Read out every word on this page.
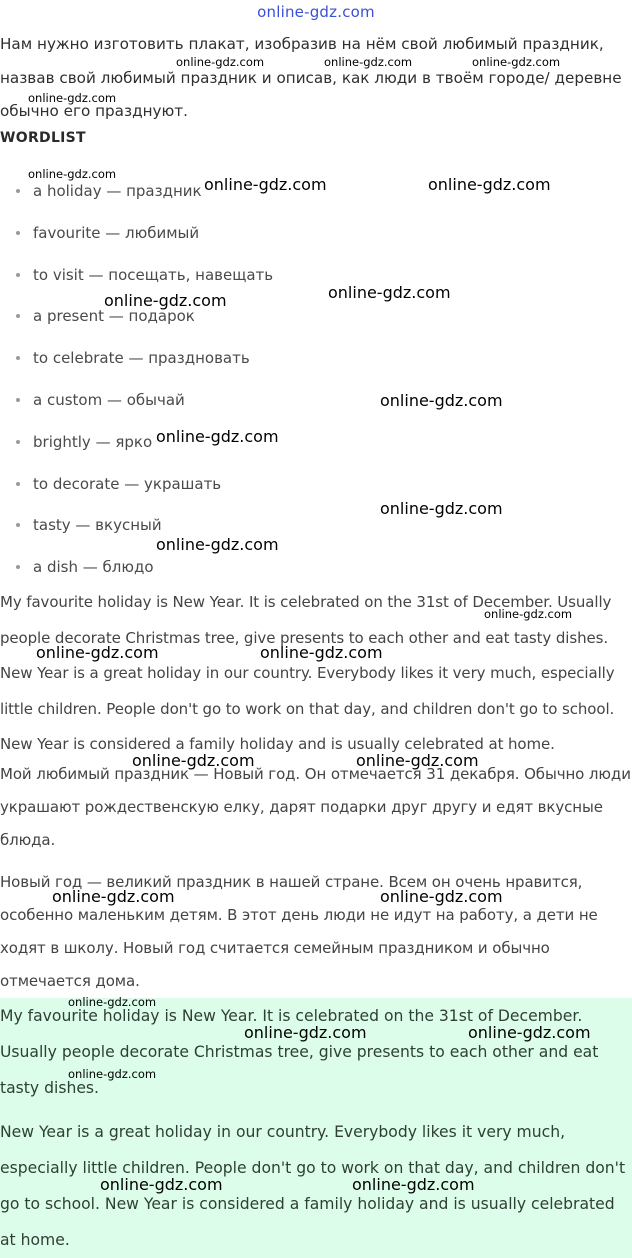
online-gdz.com

Нам нужно изготовить плакат, изобразив на нём свой любимый праздник, назвав свой любимый праздник и описав, как люди в твоём городе/ деревне обычно его празднуют.

WORDLIST
a holiday — праздник
favourite — любимый
to visit — посещать, навещать
a present — подарок
to celebrate — праздновать
a custom — обычай
brightly — ярко
to decorate — украшать
tasty — вкусный
a dish — блюдо

My favourite holiday is New Year. It is celebrated on the 31st of December. Usually people decorate Christmas tree, give presents to each other and eat tasty dishes. New Year is a great holiday in our country. Everybody likes it very much, especially little children. People don't go to work on that day, and children don't go to school. New Year is considered a family holiday and is usually celebrated at home.

Мой любимый праздник — Новый год. Он отмечается 31 декабря. Обычно люди украшают рождественскую елку, дарят подарки друг другу и едят вкусные блюда.

Новый год — великий праздник в нашей стране. Всем он очень нравится, особенно маленьким детям. В этот день люди не идут на работу, а дети не ходят в школу. Новый год считается семейным праздником и обычно отмечается дома.

My favourite holiday is New Year. It is celebrated on the 31st of December. Usually people decorate Christmas tree, give presents to each other and eat tasty dishes.

New Year is a great holiday in our country. Everybody likes it very much, especially little children. People don't go to work on that day, and children don't go to school. New Year is considered a family holiday and is usually celebrated at home.

online-gdz.com	online-gdz.com	online-gdz.com
online-gdz.com
online-gdz.com
online-gdz.com	online-gdz.com
online-gdz.com
online-gdz.com
online-gdz.com
online-gdz.com
online-gdz.com
online-gdz.com
online-gdz.com
online-gdz.com	online-gdz.com
online-gdz.com	online-gdz.com
online-gdz.com	online-gdz.com
online-gdz.com
online-gdz.com	online-gdz.com
online-gdz.com
online-gdz.com	online-gdz.com
